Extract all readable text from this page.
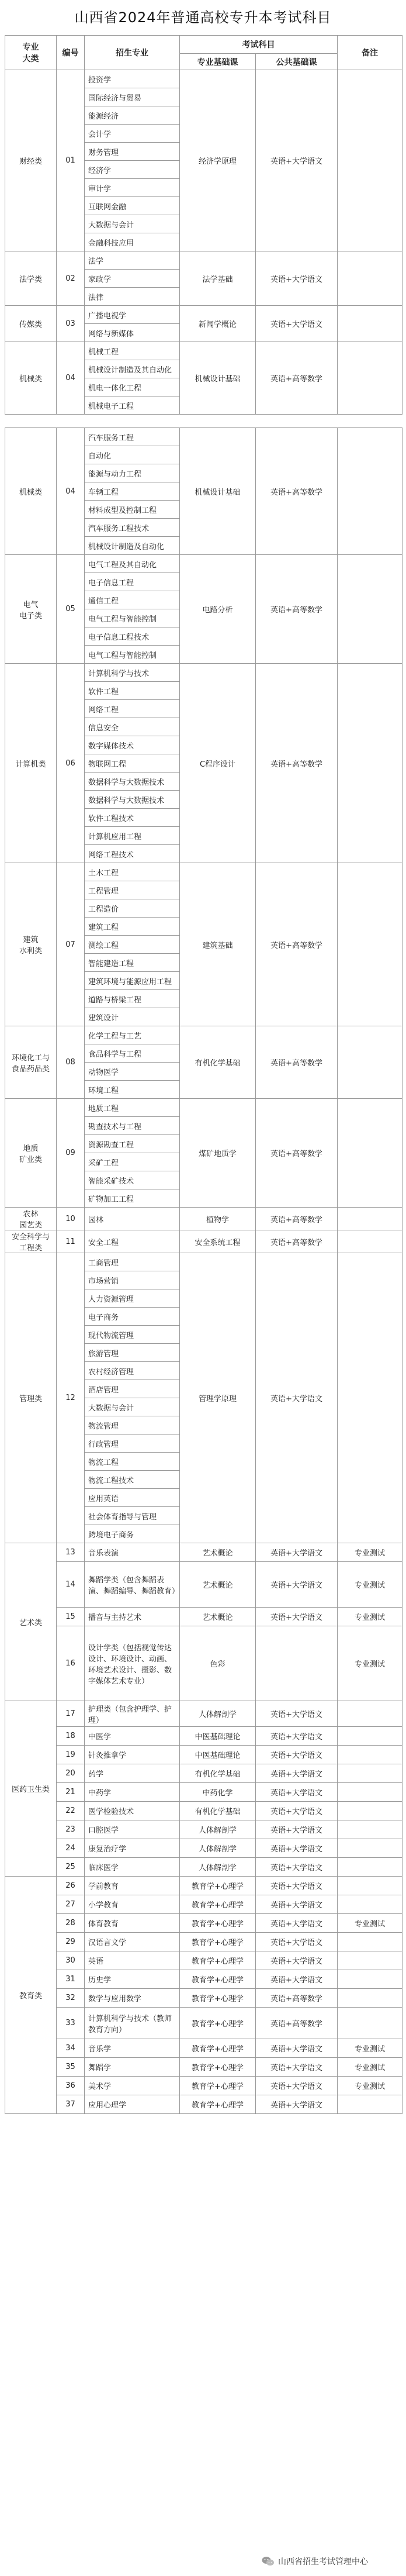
山西省2024年普通高校专升本考试科目
专业
大类	编号	招生专业	考试科目		备注
			专业基础课	公共基础课	
财经类	01	投资学	经济学原理	英语+大学语文	
		国际经济与贸易			
		能源经济			
		会计学			
		财务管理			
		经济学			
		审计学			
		互联网金融			
		大数据与会计			
		金融科技应用			
法学类	02	法学	法学基础	英语+大学语文	
		家政学			
		法律			
传媒类	03	广播电视学	新闻学概论	英语+大学语文	
		网络与新媒体			
机械类	04	机械工程	机械设计基础	英语+高等数学	
		机械设计制造及其自动化			
		机电一体化工程			
		机械电子工程			
机械类	04	汽车服务工程	机械设计基础	英语+高等数学	
		自动化			
		能源与动力工程			
		车辆工程			
		材料成型及控制工程			
		汽车服务工程技术			
		机械设计制造及自动化			
电气
电子类	05	电气工程及其自动化	电路分析	英语+高等数学	
		电子信息工程			
		通信工程			
		电气工程与智能控制			
		电子信息工程技术			
		电气工程与智能控制			
计算机类	06	计算机科学与技术	C程序设计	英语+高等数学	
		软件工程			
		网络工程			
		信息安全			
		数字媒体技术			
		物联网工程			
		数据科学与大数据技术			
		数据科学与大数据技术			
		软件工程技术			
		计算机应用工程			
		网络工程技术			
建筑
水利类	07	土木工程	建筑基础	英语+高等数学	
		工程管理			
		工程造价			
		建筑工程			
		测绘工程			
		智能建造工程			
		建筑环境与能源应用工程			
		道路与桥梁工程			
		建筑设计			
环境化工与
食品药品类	08	化学工程与工艺	有机化学基础	英语+高等数学	
		食品科学与工程			
		动物医学			
		环境工程			
地质
矿业类	09	地质工程	煤矿地质学	英语+高等数学	
		勘查技术与工程			
		资源勘查工程			
		采矿工程			
		智能采矿技术			
		矿物加工工程			
农林
园艺类	10	园林	植物学	英语+高等数学	
安全科学与
工程类	11	安全工程	安全系统工程	英语+高等数学	
管理类	12	工商管理	管理学原理	英语+大学语文	
		市场营销			
		人力资源管理			
		电子商务			
		现代物流管理			
		旅游管理			
		农村经济管理			
		酒店管理			
		大数据与会计			
		物流管理			
		行政管理			
		物流工程			
		物流工程技术			
		应用英语			
		社会体育指导与管理			
		跨境电子商务			
艺术类	13	音乐表演	艺术概论	英语+大学语文	专业测试
	14	舞蹈学类（包含舞蹈表演、舞蹈编导、舞蹈教育）	艺术概论	英语+大学语文	专业测试
	15	播音与主持艺术	艺术概论	英语+大学语文	专业测试
	16	设计学类（包括视觉传达设计、环境设计、动画、环境艺术设计、摄影、数字媒体艺术专业）	色彩		专业测试
医药卫生类	17	护理类（包含护理学、护理）	人体解剖学	英语+大学语文	
	18	中医学	中医基础理论	英语+大学语文	
	19	针灸推拿学	中医基础理论	英语+大学语文	
	20	药学	有机化学基础	英语+大学语文	
	21	中药学	中药化学	英语+大学语文	
	22	医学检验技术	有机化学基础	英语+大学语文	
	23	口腔医学	人体解剖学	英语+大学语文	
	24	康复治疗学	人体解剖学	英语+大学语文	
	25	临床医学	人体解剖学	英语+大学语文	
教育类	26	学前教育	教育学+心理学	英语+大学语文	
	27	小学教育	教育学+心理学	英语+大学语文	
	28	体育教育	教育学+心理学	英语+大学语文	专业测试
	29	汉语言文学	教育学+心理学	英语+大学语文	
	30	英语	教育学+心理学	英语+大学语文	
	31	历史学	教育学+心理学	英语+大学语文	
	32	数学与应用数学	教育学+心理学	英语+高等数学	
	33	计算机科学与技术（教师教育方向）	教育学+心理学	英语+高等数学	
	34	音乐学	教育学+心理学	英语+大学语文	专业测试
	35	舞蹈学	教育学+心理学	英语+大学语文	专业测试
	36	美术学	教育学+心理学	英语+大学语文	专业测试
	37	应用心理学	教育学+心理学	英语+大学语文	
山西省招生考试管理中心
